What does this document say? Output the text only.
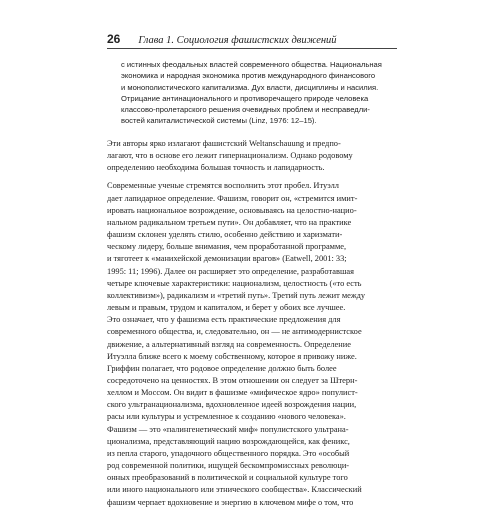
26 Глава 1. Социология фашистских движений
с истинных феодальных властей современного общества. Национальная
экономика и народная экономика против международного финансового
и монополистического капитализма. Дух власти, дисциплины и насилия.
Отрицание антинационального и противоречащего природе человека
классово-пролетарского решения очевидных проблем и несправедли-
востей капиталистической системы (Linz, 1976: 12–15).
Эти авторы ярко излагают фашистский Weltanschauung и предпо-
лагают, что в основе его лежит гипернационализм. Однако родовому
определению необходима большая точность и лапидарность.
Современные ученые стремятся восполнить этот пробел. Итуэлл
дает лапидарное определение. Фашизм, говорит он, «стремится имит-
ировать национальное возрождение, основываясь на целостно-нацио-
нальном радикальном третьем пути». Он добавляет, что на практике
фашизм склонен уделять стилю, особенно действию и харизмати-
ческому лидеру, больше внимания, чем проработанной программе,
и тяготеет к «манихейской демонизации врагов» (Eatwell, 2001: 33;
1995: 11; 1996). Далее он расширяет это определение, разработавшая
четыре ключевые характеристики: национализм, целостность («то есть
коллективизм»), радикализм и «третий путь». Третий путь лежит между
левым и правым, трудом и капиталом, и берет у обоих все лучшее.
Это означает, что у фашизма есть практические предложения для
современного общества, и, следовательно, он — не антимодернистское
движение, а альтернативный взгляд на современность. Определение
Итуэлла ближе всего к моему собственному, которое я привожу ниже.
Гриффин полагает, что родовое определение должно быть более
сосредоточено на ценностях. В этом отношении он следует за Штерн-
хеллом и Моссом. Он видит в фашизме «мифическое ядро» популист-
ского ультранационализма, вдохновленное идеей возрождения нации,
расы или культуры и устремленное к созданию «нового человека».
Фашизм — это «палингенетический миф» популистского ультрана-
ционализма, представляющий нацию возрождающейся, как феникс,
из пепла старого, упадочного общественного порядка. Это «особый
род современной политики, ищущей бескомпромиссных революци-
онных преобразований в политической и социальной культуре того
или иного национального или этнического сообщества». Классический
фашизм черпает вдохновение и энергию в ключевом мифе о том, что
